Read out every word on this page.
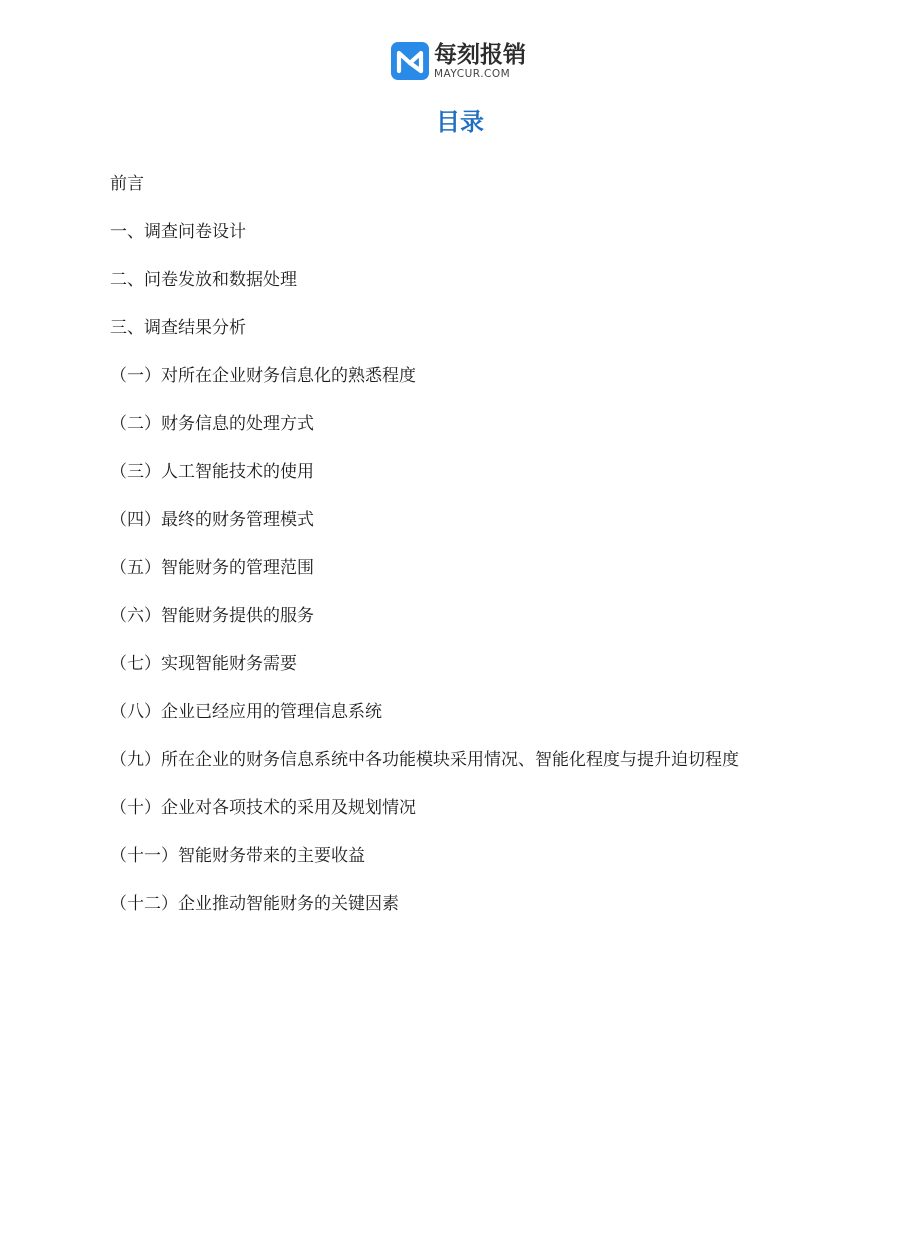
每刻报销
MAYCUR.COM
目录
前言
一、调查问卷设计
二、问卷发放和数据处理
三、调查结果分析
（一）对所在企业财务信息化的熟悉程度
（二）财务信息的处理方式
（三）人工智能技术的使用
（四）最终的财务管理模式
（五）智能财务的管理范围
（六）智能财务提供的服务
（七）实现智能财务需要
（八）企业已经应用的管理信息系统
（九）所在企业的财务信息系统中各功能模块采用情况、智能化程度与提升迫切程度
（十）企业对各项技术的采用及规划情况
（十一）智能财务带来的主要收益
（十二）企业推动智能财务的关键因素
